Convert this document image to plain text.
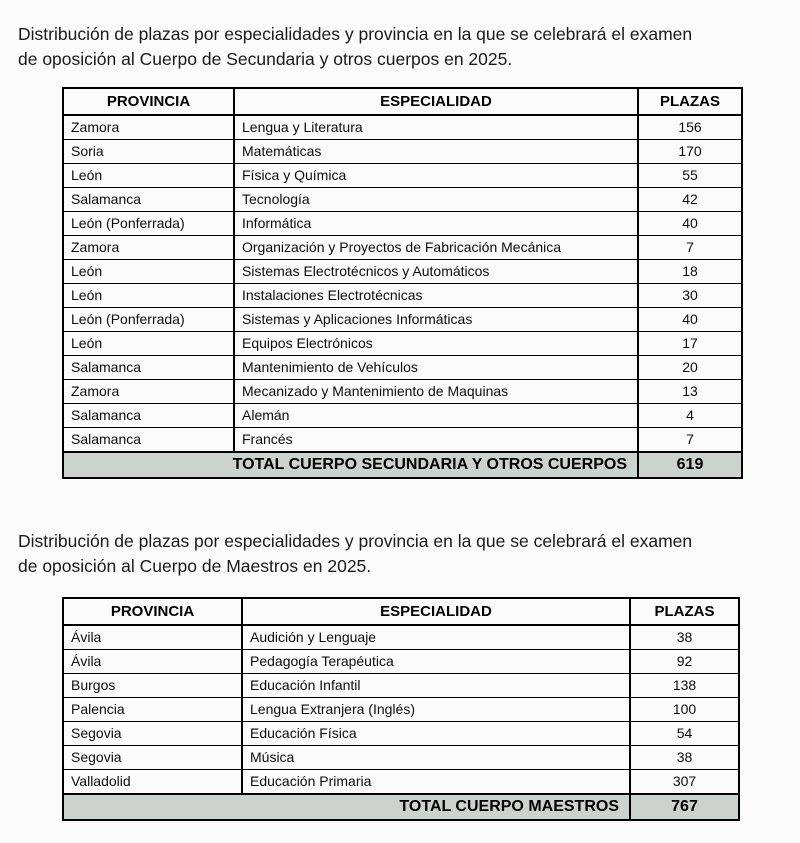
Distribución de plazas por especialidades y provincia en la que se celebrará el examen
de oposición al Cuerpo de Secundaria y otros cuerpos en 2025.
PROVINCIA	ESPECIALIDAD	PLAZAS
Zamora	Lengua y Literatura	156
Soria	Matemáticas	170
León	Física y Química	55
Salamanca	Tecnología	42
León (Ponferrada)	Informática	40
Zamora	Organización y Proyectos de Fabricación Mecánica	7
León	Sistemas Electrotécnicos y Automáticos	18
León	Instalaciones Electrotécnicas	30
León (Ponferrada)	Sistemas y Aplicaciones Informáticas	40
León	Equipos Electrónicos	17
Salamanca	Mantenimiento de Vehículos	20
Zamora	Mecanizado y Mantenimiento de Maquinas	13
Salamanca	Alemán	4
Salamanca	Francés	7
TOTAL CUERPO SECUNDARIA Y OTROS CUERPOS		619
Distribución de plazas por especialidades y provincia en la que se celebrará el examen
de oposición al Cuerpo de Maestros en 2025.
PROVINCIA	ESPECIALIDAD	PLAZAS
Ávila	Audición y Lenguaje	38
Ávila	Pedagogía Terapéutica	92
Burgos	Educación Infantil	138
Palencia	Lengua Extranjera (Inglés)	100
Segovia	Educación Física	54
Segovia	Música	38
Valladolid	Educación Primaria	307
TOTAL CUERPO MAESTROS		767
